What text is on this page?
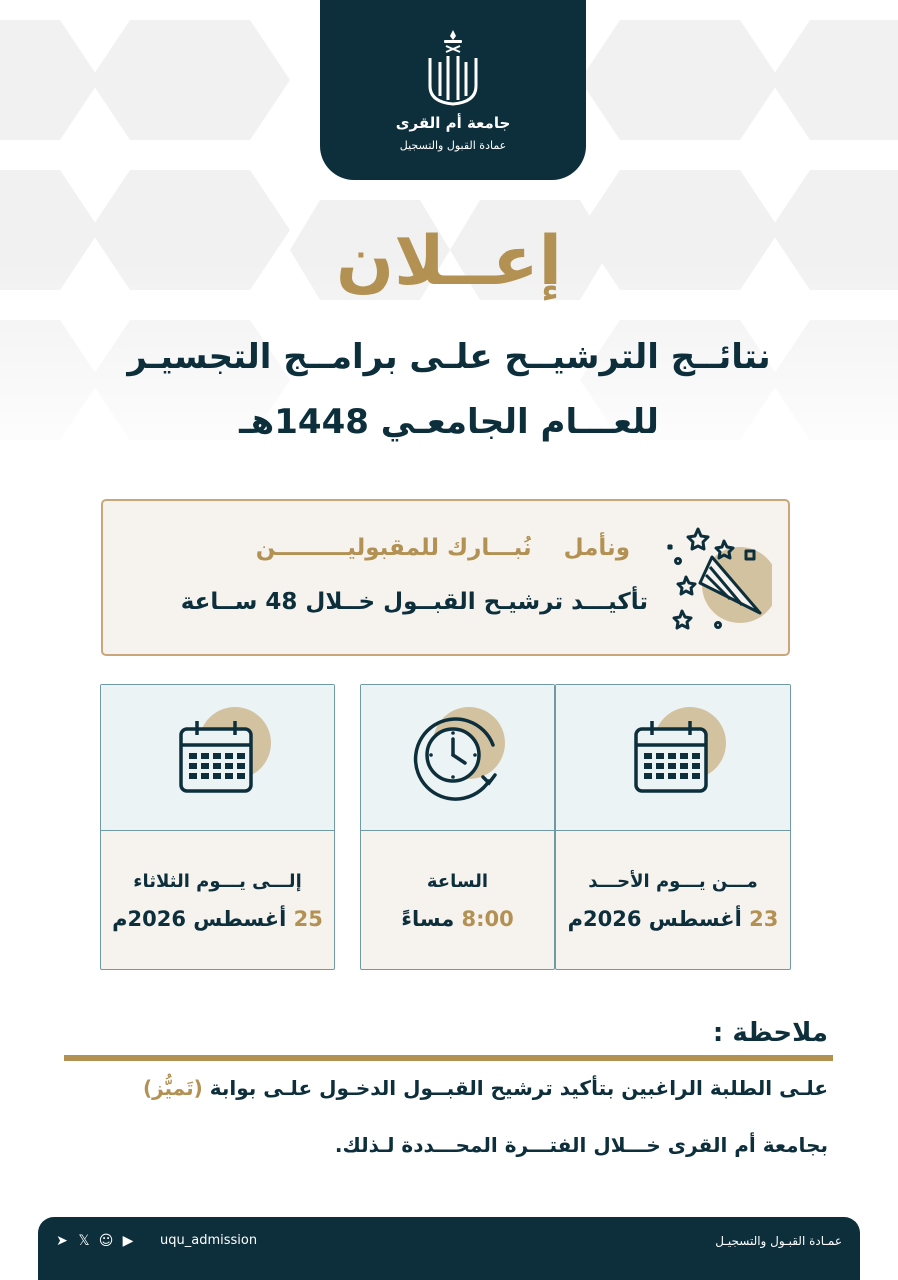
جامعة أم القرى
عمادة القبول والتسجيل
إعــلان
نتائــج الترشيــح علـى برامــج التجسيـر
للعـــام الجامعـي 1448هـ
ونأمل    نُبـــارك للمقبوليـــــــــن
تأكيـــد ترشيـح القبــول خــلال 48 ســاعة
مـــن يـــوم الأحـــد
23 أغسطس 2026م
الساعة
8:00 مساءً
إلـــى يـــوم الثلاثاء
25 أغسطس 2026م
ملاحظة :
علـى الطلبة الراغبين بتأكيد ترشيح القبــول الدخـول علـى بوابة (تَميُّز)
بجامعة أم القرى خـــلال الفتـــرة المحـــددة لـذلك.
➤ 𝕏 ☺ ▶ uqu_admission	عمـادة القبـول والتسجيـل
